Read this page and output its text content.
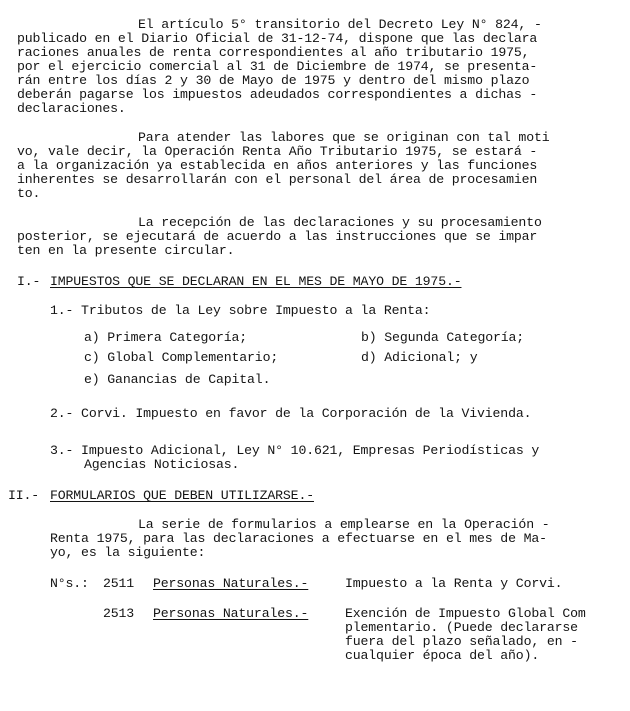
El artículo 5° transitorio del Decreto Ley N° 824, -
publicado en el Diario Oficial de 31-12-74, dispone que las declara
raciones anuales de renta correspondientes al año tributario 1975,
por el ejercicio comercial al 31 de Diciembre de 1974, se presenta-
rán entre los días 2 y 30 de Mayo de 1975 y dentro del mismo plazo
deberán pagarse los impuestos adeudados correspondientes a dichas -
declaraciones.
Para atender las labores que se originan con tal moti
vo, vale decir, la Operación Renta Año Tributario 1975, se estará -
a la organización ya establecida en años anteriores y las funciones
inherentes se desarrollarán con el personal del área de procesamien
to.
La recepción de las declaraciones y su procesamiento
posterior, se ejecutará de acuerdo a las instrucciones que se impar
ten en la presente circular.
I.- IMPUESTOS QUE SE DECLARAN EN EL MES DE MAYO DE 1975.-
1.- Tributos de la Ley sobre Impuesto a la Renta:
a) Primera Categoría;	b) Segunda Categoría;
c) Global Complementario;	d) Adicional; y
e) Ganancias de Capital.
2.- Corvi. Impuesto en favor de la Corporación de la Vivienda.
3.- Impuesto Adicional, Ley N° 10.621, Empresas Periodísticas y
Agencias Noticiosas.
II.- FORMULARIOS QUE DEBEN UTILIZARSE.-
La serie de formularios a emplearse en la Operación -
Renta 1975, para las declaraciones a efectuarse en el mes de Ma-
yo, es la siguiente:
N°s.: 2511 Personas Naturales.-	Impuesto a la Renta y Corvi.
2513 Personas Naturales.-	Exención de Impuesto Global Com
plementario. (Puede declararse
fuera del plazo señalado, en -
cualquier época del año).
